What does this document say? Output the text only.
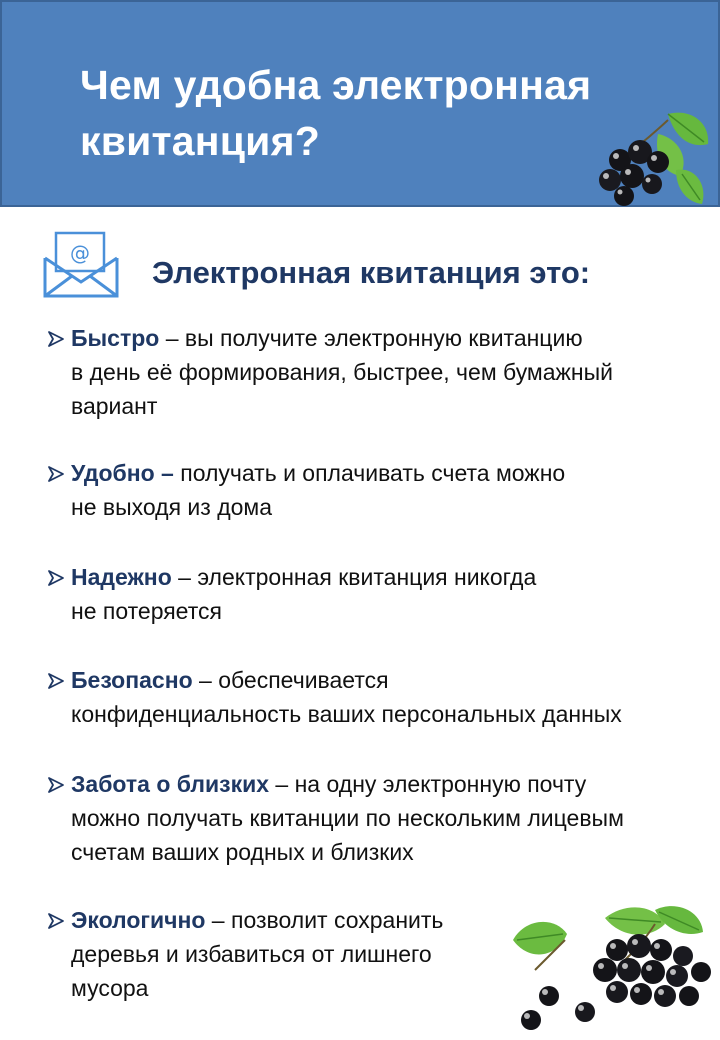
Чем удобна электронная квитанция?
@
Электронная квитанция это:
Быстро – вы получите электронную квитанцию
в день её формирования, быстрее, чем бумажный
вариант
Удобно – получать и оплачивать счета можно
не выходя из дома
Надежно – электронная квитанция никогда
не потеряется
Безопасно – обеспечивается
конфиденциальность ваших персональных данных
Забота о близких – на одну электронную почту
можно получать квитанции по нескольким лицевым
счетам ваших родных и близких
Экологично – позволит сохранить
деревья и избавиться от лишнего
мусора
